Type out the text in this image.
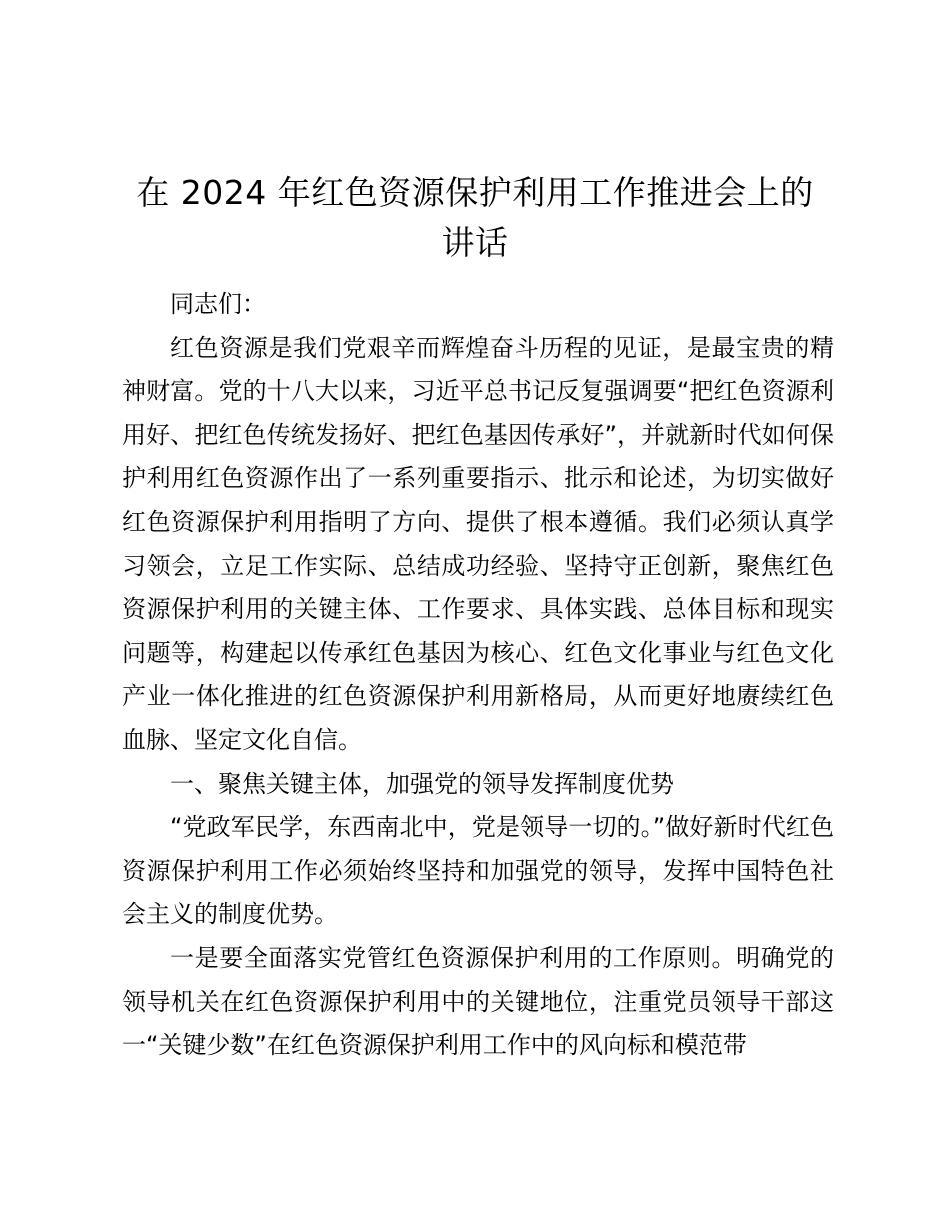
在 2024 年红色资源保护利用工作推进会上的讲话

同志们：

红色资源是我们党艰辛而辉煌奋斗历程的见证，是最宝贵的精神财富。党的十八大以来，习近平总书记反复强调要“把红色资源利用好、把红色传统发扬好、把红色基因传承好”，并就新时代如何保护利用红色资源作出了一系列重要指示、批示和论述，为切实做好红色资源保护利用指明了方向、提供了根本遵循。我们必须认真学习领会，立足工作实际、总结成功经验、坚持守正创新，聚焦红色资源保护利用的关键主体、工作要求、具体实践、总体目标和现实问题等，构建起以传承红色基因为核心、红色文化事业与红色文化产业一体化推进的红色资源保护利用新格局，从而更好地赓续红色血脉、坚定文化自信。

一、聚焦关键主体，加强党的领导发挥制度优势

“党政军民学，东西南北中，党是领导一切的。”做好新时代红色资源保护利用工作必须始终坚持和加强党的领导，发挥中国特色社会主义的制度优势。

一是要全面落实党管红色资源保护利用的工作原则。明确党的领导机关在红色资源保护利用中的关键地位，注重党员领导干部这一“关键少数”在红色资源保护利用工作中的风向标和模范带
